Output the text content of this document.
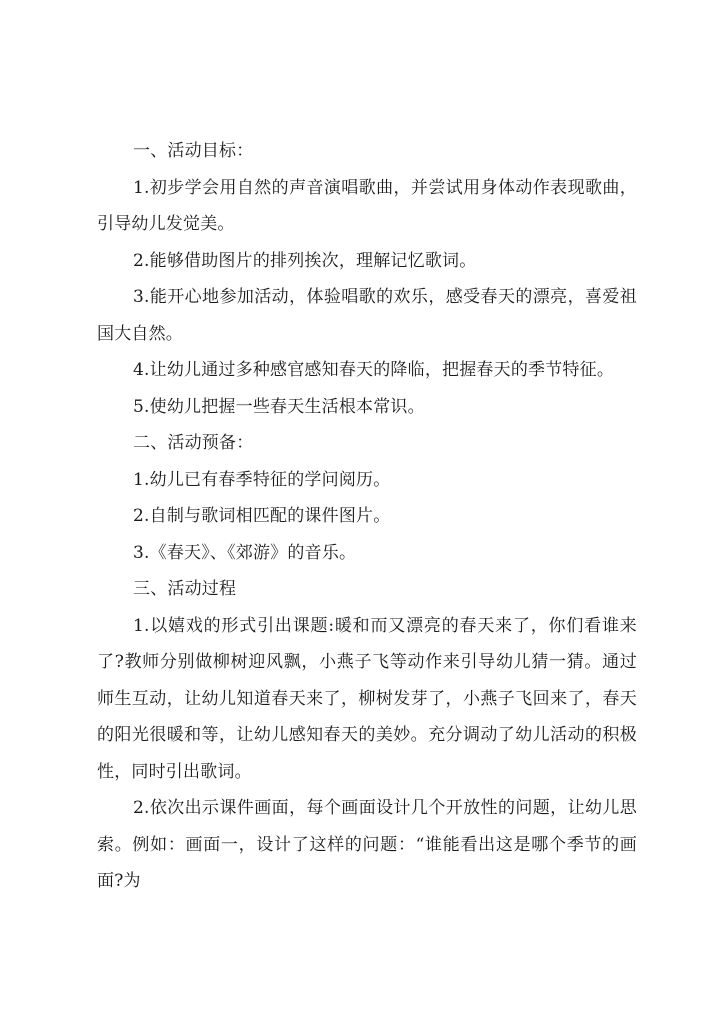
一、活动目标：

1.初步学会用自然的声音演唱歌曲，并尝试用身体动作表现歌曲，引导幼儿发觉美。

2.能够借助图片的排列挨次，理解记忆歌词。

3.能开心地参加活动，体验唱歌的欢乐，感受春天的漂亮，喜爱祖国大自然。

4.让幼儿通过多种感官感知春天的降临，把握春天的季节特征。

5.使幼儿把握一些春天生活根本常识。

二、活动预备：

1.幼儿已有春季特征的学问阅历。

2.自制与歌词相匹配的课件图片。

3.《春天》、《郊游》的音乐。

三、活动过程

1.以嬉戏的形式引出课题:暖和而又漂亮的春天来了，你们看谁来了?教师分别做柳树迎风飘，小燕子飞等动作来引导幼儿猜一猜。通过师生互动，让幼儿知道春天来了，柳树发芽了，小燕子飞回来了，春天的阳光很暖和等，让幼儿感知春天的美妙。充分调动了幼儿活动的积极性，同时引出歌词。

2.依次出示课件画面，每个画面设计几个开放性的问题，让幼儿思索。例如：画面一，设计了这样的问题：“谁能看出这是哪个季节的画面?为
